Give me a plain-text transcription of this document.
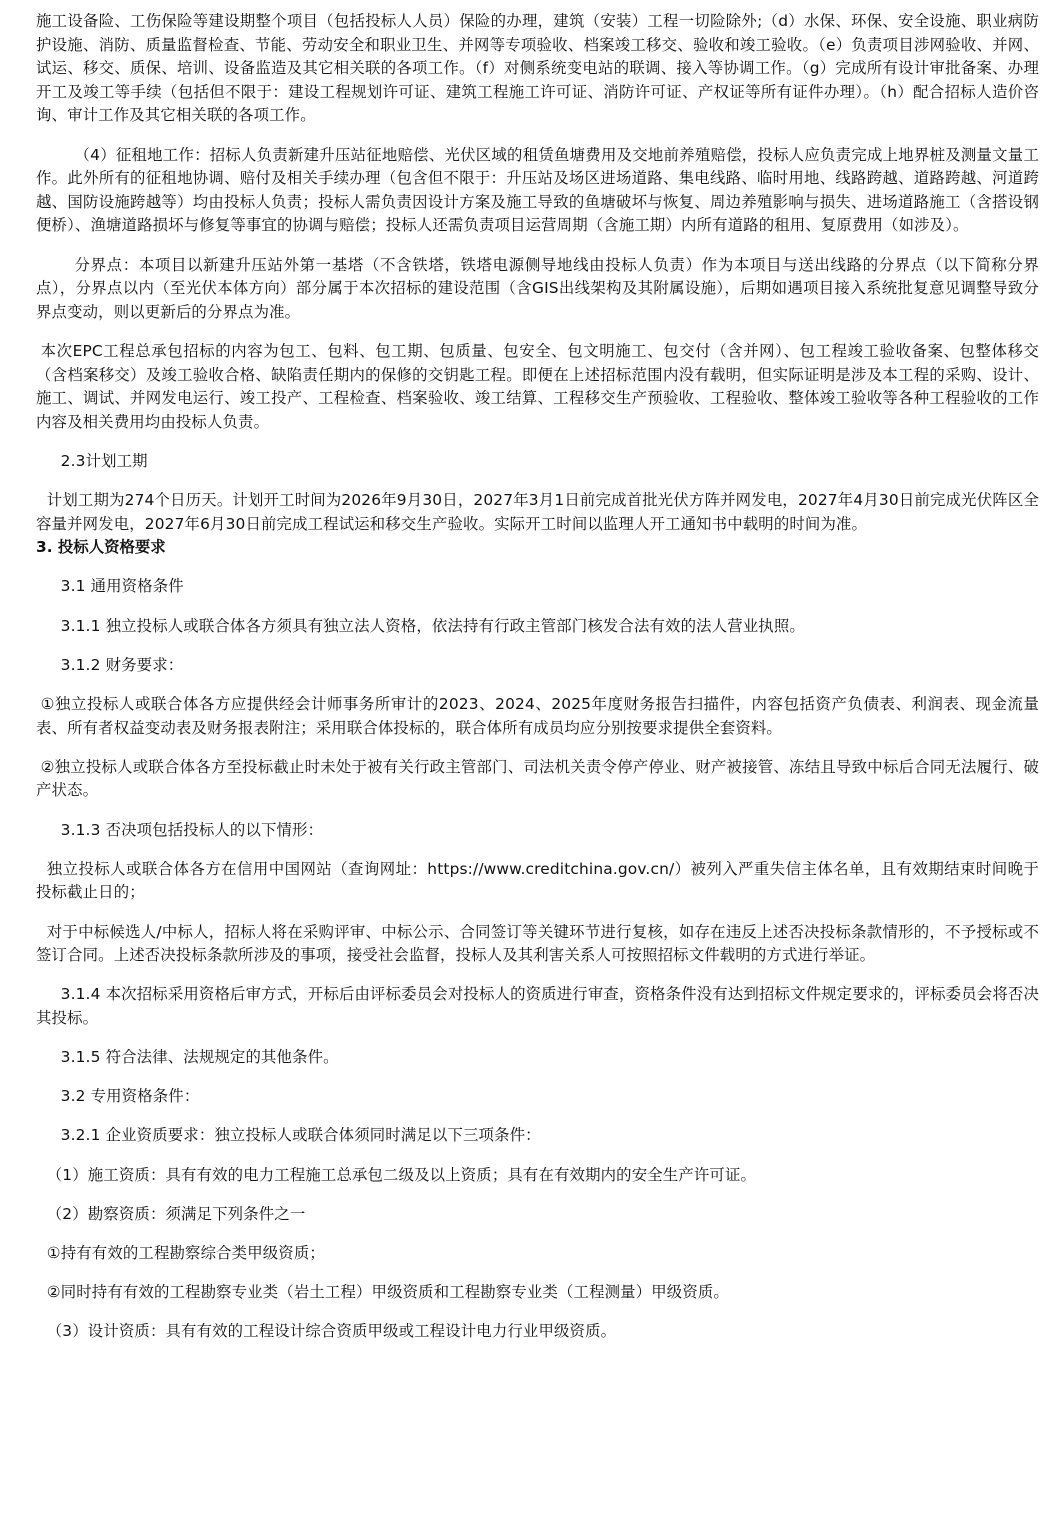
施工设备险、工伤保险等建设期整个项目（包括投标人人员）保险的办理，建筑（安装）工程一切险除外;（d）水保、环保、安全设施、职业病防护设施、消防、质量监督检查、节能、劳动安全和职业卫生、并网等专项验收、档案竣工移交、验收和竣工验收。（e）负责项目涉网验收、并网、试运、移交、质保、培训、设备监造及其它相关联的各项工作。（f）对侧系统变电站的联调、接入等协调工作。（g）完成所有设计审批备案、办理开工及竣工等手续（包括但不限于：建设工程规划许可证、建筑工程施工许可证、消防许可证、产权证等所有证件办理）。（h）配合招标人造价咨询、审计工作及其它相关联的各项工作。

（4）征租地工作：招标人负责新建升压站征地赔偿、光伏区域的租赁鱼塘费用及交地前养殖赔偿，投标人应负责完成上地界桩及测量文量工作。此外所有的征租地协调、赔付及相关手续办理（包含但不限于：升压站及场区进场道路、集电线路、临时用地、线路跨越、道路跨越、河道跨越、国防设施跨越等）均由投标人负责；投标人需负责因设计方案及施工导致的鱼塘破坏与恢复、周边养殖影响与损失、进场道路施工（含搭设钢便桥）、渔塘道路损坏与修复等事宜的协调与赔偿；投标人还需负责项目运营周期（含施工期）内所有道路的租用、复原费用（如涉及）。

分界点：本项目以新建升压站外第一基塔（不含铁塔，铁塔电源侧导地线由投标人负责）作为本项目与送出线路的分界点（以下简称分界点），分界点以内（至光伏本体方向）部分属于本次招标的建设范围（含GIS出线架构及其附属设施），后期如遇项目接入系统批复意见调整导致分界点变动，则以更新后的分界点为准。

本次EPC工程总承包招标的内容为包工、包料、包工期、包质量、包安全、包文明施工、包交付（含并网）、包工程竣工验收备案、包整体移交（含档案移交）及竣工验收合格、缺陷责任期内的保修的交钥匙工程。即便在上述招标范围内没有载明，但实际证明是涉及本工程的采购、设计、施工、调试、并网发电运行、竣工投产、工程检查、档案验收、竣工结算、工程移交生产预验收、工程验收、整体竣工验收等各种工程验收的工作内容及相关费用均由投标人负责。

2.3计划工期

计划工期为274个日历天。计划开工时间为2026年9月30日，2027年3月1日前完成首批光伏方阵并网发电，2027年4月30日前完成光伏阵区全容量并网发电，2027年6月30日前完成工程试运和移交生产验收。实际开工时间以监理人开工通知书中载明的时间为准。

3. 投标人资格要求

3.1 通用资格条件

3.1.1 独立投标人或联合体各方须具有独立法人资格，依法持有行政主管部门核发合法有效的法人营业执照。

3.1.2 财务要求：

①独立投标人或联合体各方应提供经会计师事务所审计的2023、2024、2025年度财务报告扫描件，内容包括资产负债表、利润表、现金流量表、所有者权益变动表及财务报表附注；采用联合体投标的，联合体所有成员均应分别按要求提供全套资料。

②独立投标人或联合体各方至投标截止时未处于被有关行政主管部门、司法机关责令停产停业、财产被接管、冻结且导致中标后合同无法履行、破产状态。

3.1.3 否决项包括投标人的以下情形：

独立投标人或联合体各方在信用中国网站（查询网址：https://www.creditchina.gov.cn/）被列入严重失信主体名单，且有效期结束时间晚于投标截止日的；

对于中标候选人/中标人，招标人将在采购评审、中标公示、合同签订等关键环节进行复核，如存在违反上述否决投标条款情形的，不予授标或不签订合同。上述否决投标条款所涉及的事项，接受社会监督，投标人及其利害关系人可按照招标文件载明的方式进行举证。

3.1.4 本次招标采用资格后审方式，开标后由评标委员会对投标人的资质进行审查，资格条件没有达到招标文件规定要求的，评标委员会将否决其投标。

3.1.5 符合法律、法规规定的其他条件。

3.2 专用资格条件：

3.2.1 企业资质要求：独立投标人或联合体须同时满足以下三项条件：

（1）施工资质：具有有效的电力工程施工总承包二级及以上资质；具有在有效期内的安全生产许可证。

（2）勘察资质：须满足下列条件之一

①持有有效的工程勘察综合类甲级资质；

②同时持有有效的工程勘察专业类（岩土工程）甲级资质和工程勘察专业类（工程测量）甲级资质。

（3）设计资质：具有有效的工程设计综合资质甲级或工程设计电力行业甲级资质。
